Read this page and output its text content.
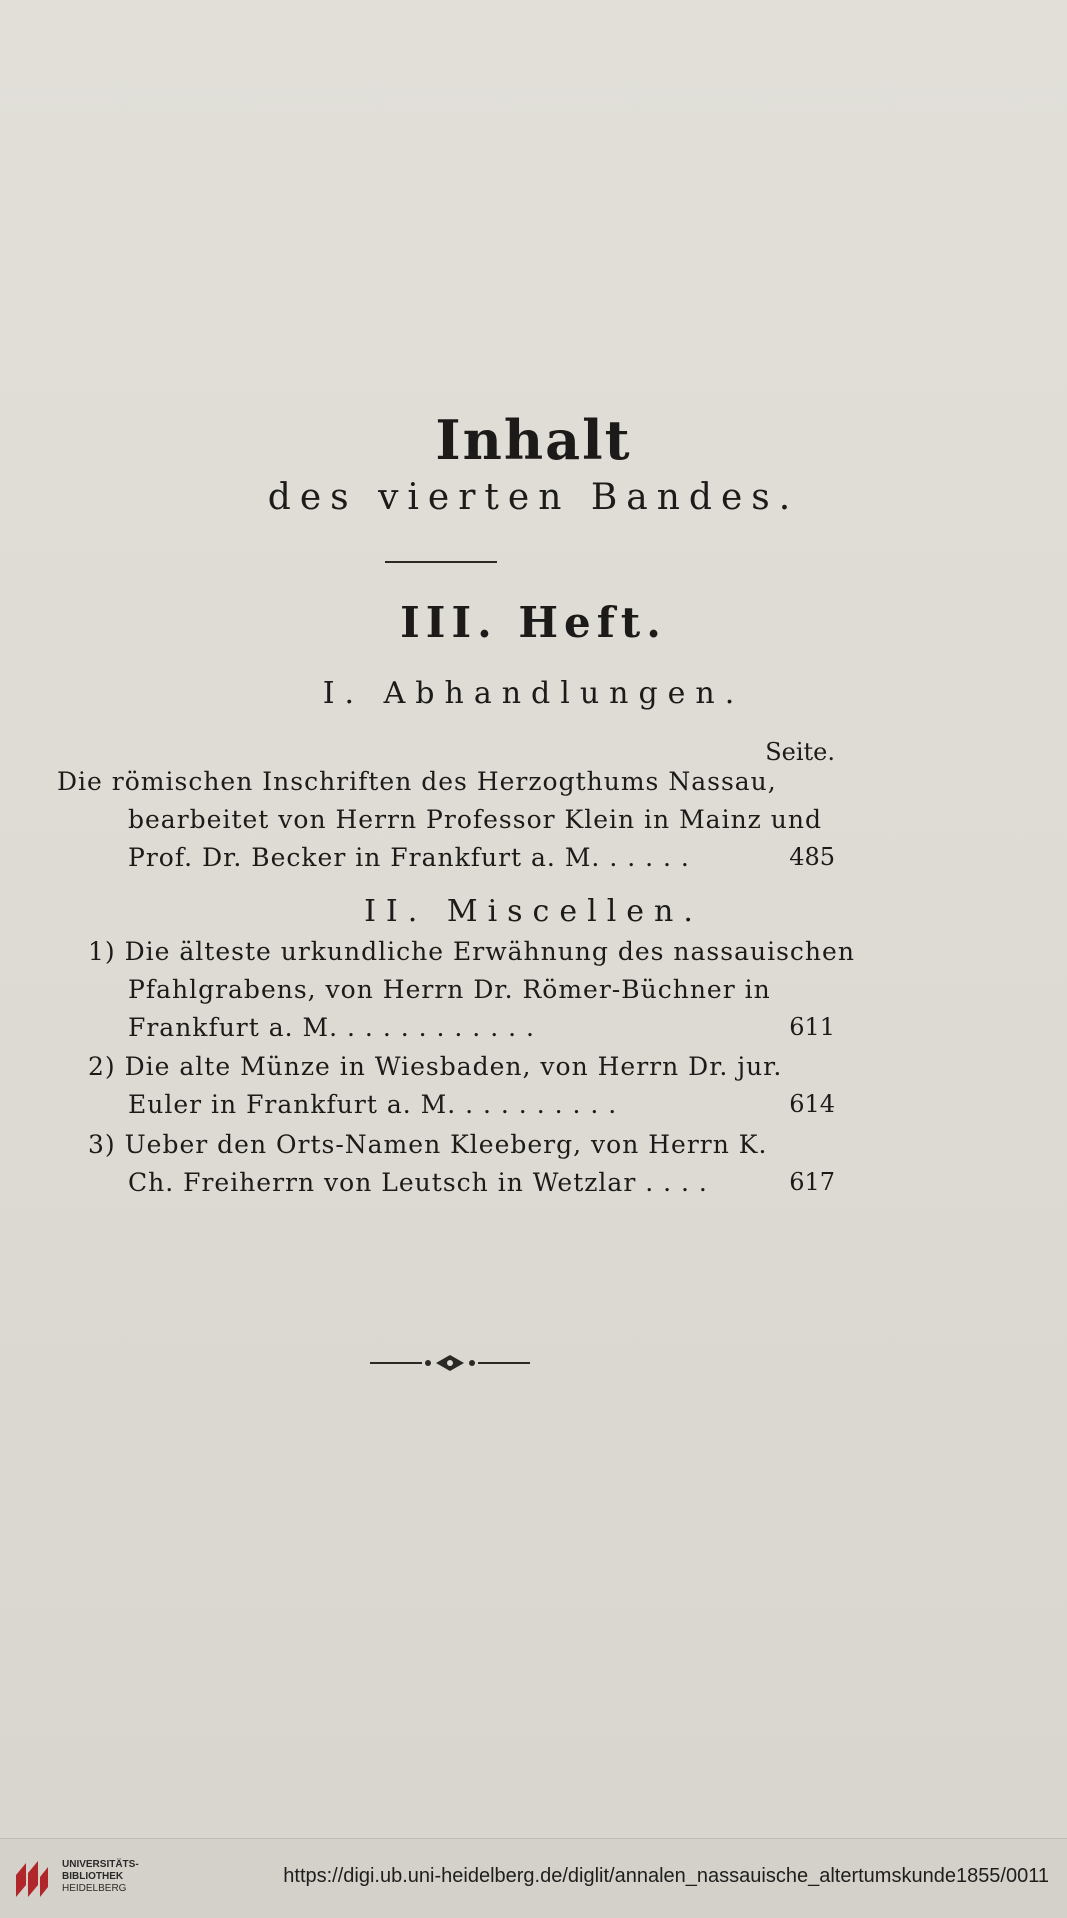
Inhalt
des vierten Bandes.
III. Heft.
I. Abhandlungen.
Seite.
Die römischen Inschriften des Herzogthums Nassau,
bearbeitet von Herrn Professor Klein in Mainz und
Prof. Dr. Becker in Frankfurt a. M. . . . . .	485
II. Miscellen.
1) Die älteste urkundliche Erwähnung des nassauischen
Pfahlgrabens, von Herrn Dr. Römer-Büchner in
Frankfurt a. M. . . . . . . . . . . .	611
2) Die alte Münze in Wiesbaden, von Herrn Dr. jur.
Euler in Frankfurt a. M. . . . . . . . . .	614
3) Ueber den Orts-Namen Kleeberg, von Herrn K.
Ch. Freiherrn von Leutsch in Wetzlar . . . .	617
UNIVERSITÄTS-
BIBLIOTHEK
HEIDELBERG
https://digi.ub.uni-heidelberg.de/diglit/annalen_nassauische_altertumskunde1855/0011
